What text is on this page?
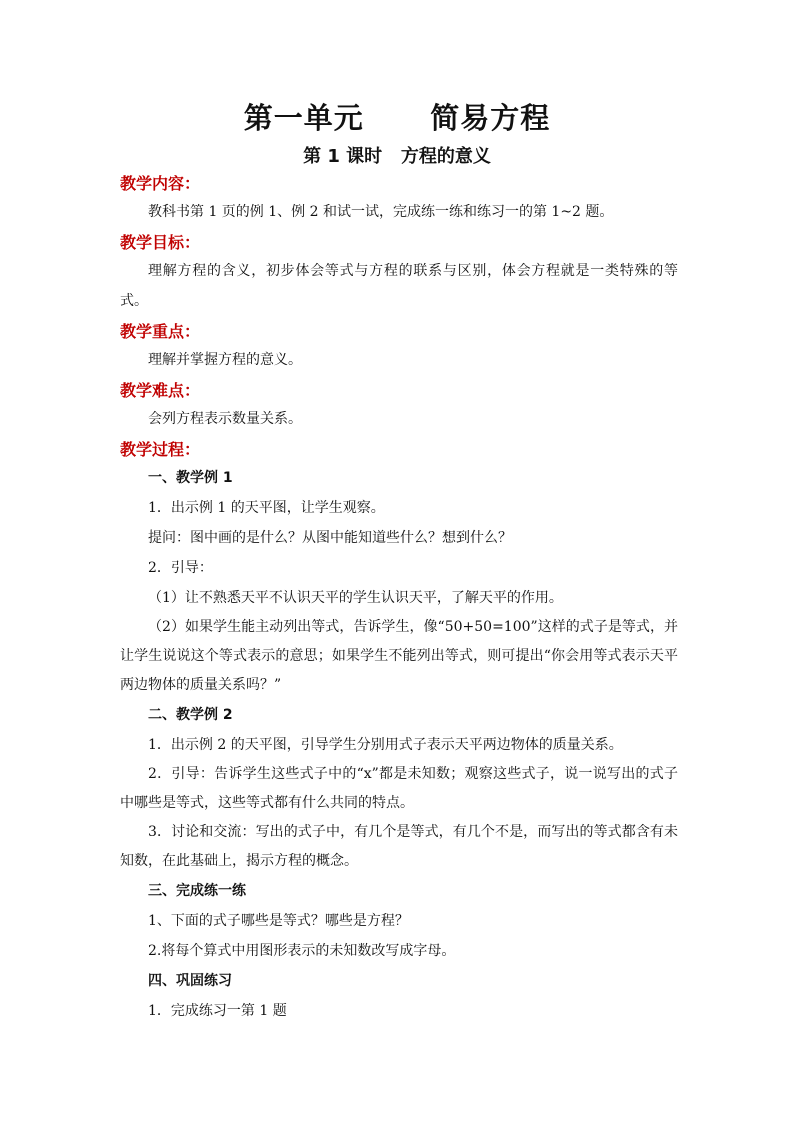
第一单元      简易方程
第 1 课时   方程的意义

教学内容：

教科书第 1 页的例 1、例 2 和试一试，完成练一练和练习一的第 1~2 题。

教学目标：

理解方程的含义，初步体会等式与方程的联系与区别，体会方程就是一类特殊的等式。

教学重点：

理解并掌握方程的意义。

教学难点：

会列方程表示数量关系。

教学过程：

一、教学例 1

1．出示例 1 的天平图，让学生观察。

提问：图中画的是什么？从图中能知道些什么？想到什么？

2．引导：

（1）让不熟悉天平不认识天平的学生认识天平，了解天平的作用。

（2）如果学生能主动列出等式，告诉学生，像“50+50=100”这样的式子是等式，并让学生说说这个等式表示的意思；如果学生不能列出等式，则可提出“你会用等式表示天平两边物体的质量关系吗？”

二、教学例 2

1．出示例 2 的天平图，引导学生分别用式子表示天平两边物体的质量关系。

2．引导：告诉学生这些式子中的“x”都是未知数；观察这些式子，说一说写出的式子中哪些是等式，这些等式都有什么共同的特点。

3．讨论和交流：写出的式子中，有几个是等式，有几个不是，而写出的等式都含有未知数，在此基础上，揭示方程的概念。

三、完成练一练

1、下面的式子哪些是等式？哪些是方程？

2.将每个算式中用图形表示的未知数改写成字母。

四、巩固练习

1．完成练习一第 1 题
